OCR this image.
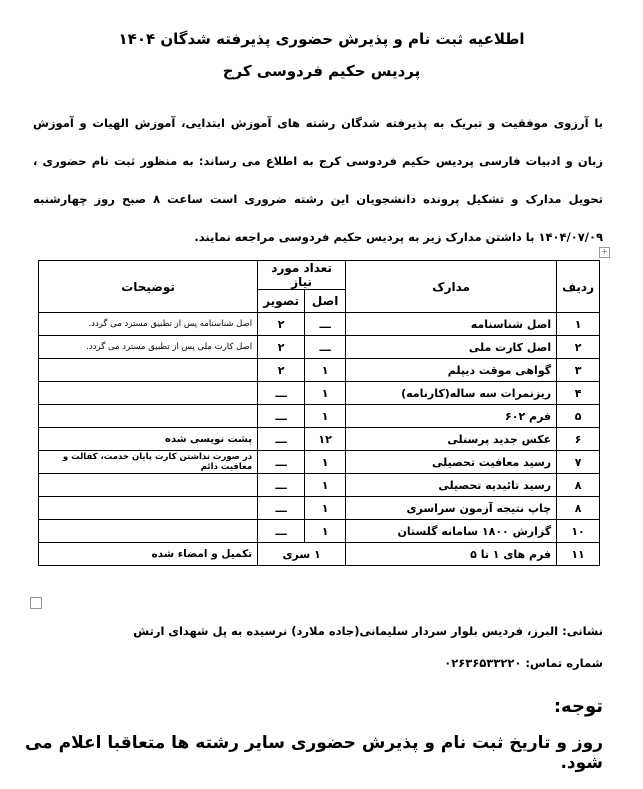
اطلاعیه ثبت نام و پذیرش حضوری پذیرفته شدگان ۱۴۰۴
پردیس حکیم فردوسی کرج
با آرزوی موفقیت و تبریک به پذیرفته شدگان رشته های آموزش ابتدایی، آموزش الهیات و آموزش زبان و ادبیات فارسی پردیس حکیم فردوسی کرج به اطلاع می رساند: به منظور ثبت نام حضوری ، تحویل مدارک و تشکیل پرونده دانشجویان این رشته ضروری است ساعت ۸ صبح روز چهارشنبه ۱۴۰۴/۰۷/۰۹ با داشتن مدارک زیر به پردیس حکیم فردوسی مراجعه نمایند.
+
ردیف	مدارک	تعداد مورد نیاز		توضیحات
		اصل	تصویر	
۱	اصل شناسنامه	ـــ	۲	اصل شناسنامه پس از تطبیق مسترد می گردد.
۲	اصل کارت ملی	ـــ	۲	اصل کارت ملی پس از تطبیق مسترد می گردد.
۳	گواهی موقت دیپلم	۱	۲	
۴	ریزنمرات سه ساله(کارنامه)	۱	ـــ	
۵	فرم ۶۰۲	۱	ـــ	
۶	عکس جدید پرسنلی	۱۲	ـــ	پشت نویسی شده
۷	رسید معافیت تحصیلی	۱	ـــ	در صورت نداشتن کارت پایان خدمت، کفالت و معافیت دائم
۸	رسید تائیدیه تحصیلی	۱	ـــ	
۸	چاپ نتیجه آزمون سراسری	۱	ـــ	
۱۰	گزارش ۱۸۰۰ سامانه گلستان	۱	ـــ	
۱۱	فرم های ۱ تا ۵	۱ سری		تکمیل و امضاء شده
نشانی: البرز، فردیس بلوار سردار سلیمانی(جاده ملارد) نرسیده به پل شهدای ارتش
شماره تماس: ۰۲۶۳۶۵۳۳۲۲۰
توجه:
روز و تاریخ ثبت نام و پذیرش حضوری سایر رشته ها متعاقبا اعلام می شود.
